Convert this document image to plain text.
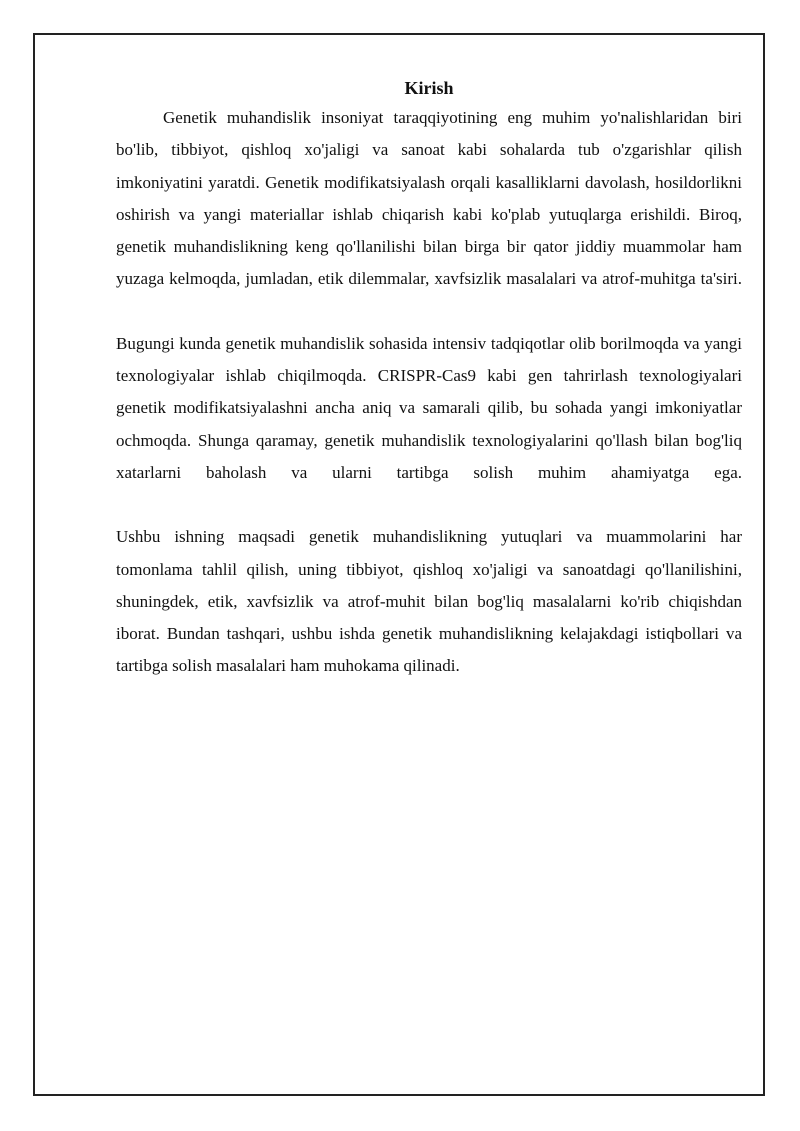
Kirish

Genetik muhandislik insoniyat taraqqiyotining eng muhim yo'nalishlaridan biri bo'lib, tibbiyot, qishloq xo'jaligi va sanoat kabi sohalarda tub o'zgarishlar qilish imkoniyatini yaratdi. Genetik modifikatsiyalash orqali kasalliklarni davolash, hosildorlikni oshirish va yangi materiallar ishlab chiqarish kabi ko'plab yutuqlarga erishildi. Biroq, genetik muhandislikning keng qo'llanilishi bilan birga bir qator jiddiy muammolar ham yuzaga kelmoqda, jumladan, etik dilemmalar, xavfsizlik masalalari va atrof-muhitga ta'siri.

Bugungi kunda genetik muhandislik sohasida intensiv tadqiqotlar olib borilmoqda va yangi texnologiyalar ishlab chiqilmoqda. CRISPR-Cas9 kabi gen tahrirlash texnologiyalari genetik modifikatsiyalashni ancha aniq va samarali qilib, bu sohada yangi imkoniyatlar ochmoqda. Shunga qaramay, genetik muhandislik texnologiyalarini qo'llash bilan bog'liq xatarlarni baholash va ularni tartibga solish muhim ahamiyatga ega.

Ushbu ishning maqsadi genetik muhandislikning yutuqlari va muammolarini har tomonlama tahlil qilish, uning tibbiyot, qishloq xo'jaligi va sanoatdagi qo'llanilishini, shuningdek, etik, xavfsizlik va atrof-muhit bilan bog'liq masalalarni ko'rib chiqishdan iborat. Bundan tashqari, ushbu ishda genetik muhandislikning kelajakdagi istiqbollari va tartibga solish masalalari ham muhokama qilinadi.
